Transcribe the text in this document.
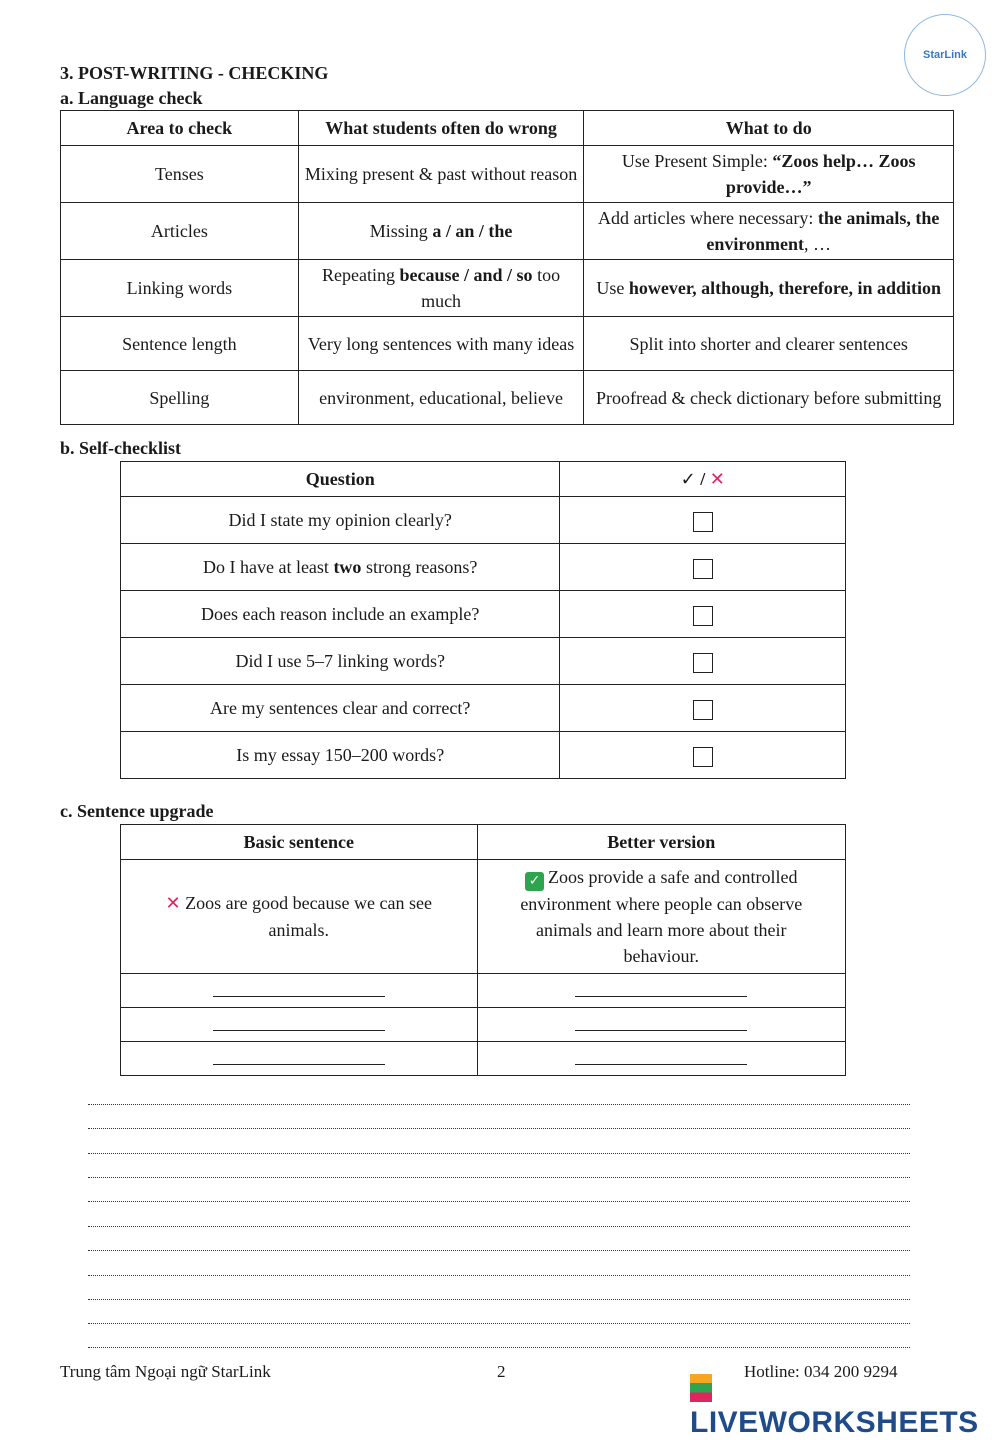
StarLink
3. POST-WRITING - CHECKING
a. Language check
Area to check	What students often do wrong	What to do
Tenses	Mixing present & past without reason	Use Present Simple: “Zoos help… Zoos provide…”
Articles	Missing a / an / the	Add articles where necessary: the animals, the environment, …
Linking words	Repeating because / and / so too much	Use however, although, therefore, in addition
Sentence length	Very long sentences with many ideas	Split into shorter and clearer sentences
Spelling	environment, educational, believe	Proofread & check dictionary before submitting
b. Self-checklist
Question	✓ / ✕
Did I state my opinion clearly?	
Do I have at least two strong reasons?	
Does each reason include an example?	
Did I use 5–7 linking words?	
Are my sentences clear and correct?	
Is my essay 150–200 words?	
c. Sentence upgrade
Basic sentence	Better version
✕ Zoos are good because we can see animals.	✓ Zoos provide a safe and controlled environment where people can observe animals and learn more about their behaviour.

Trung tâm Ngoại ngữ StarLink	2	Hotline: 034 200 9294
LIVEWORKSHEETS
